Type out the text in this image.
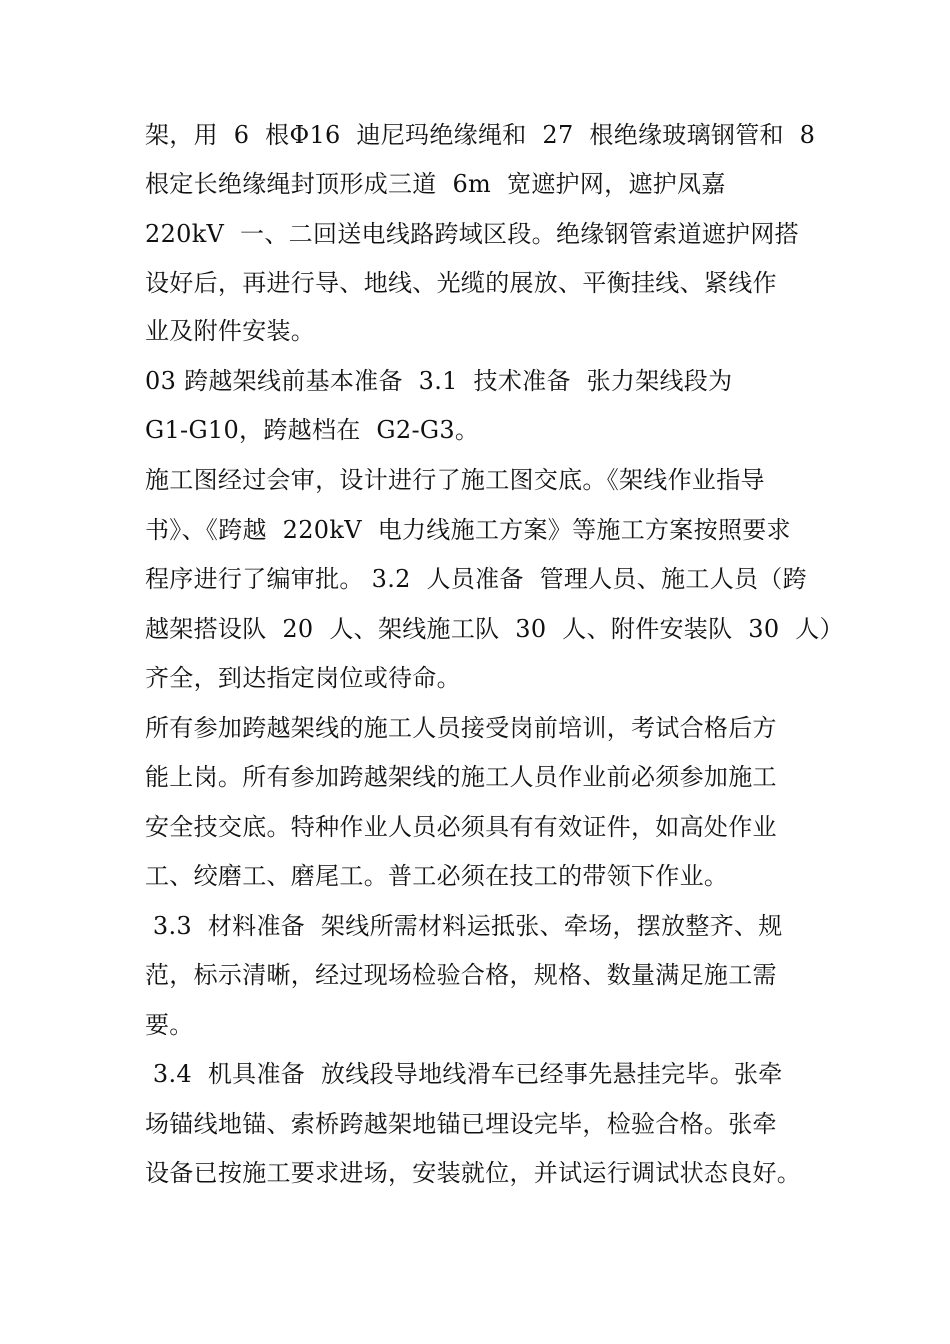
架，用  6  根Φ16  迪尼玛绝缘绳和  27  根绝缘玻璃钢管和  8
根定长绝缘绳封顶形成三道  6m  宽遮护网，遮护凤嘉
220kV  一、二回送电线路跨域区段。绝缘钢管索道遮护网搭
设好后，再进行导、地线、光缆的展放、平衡挂线、紧线作
业及附件安装。
03 跨越架线前基本准备  3.1  技术准备  张力架线段为
G1-G10，跨越档在  G2-G3。
施工图经过会审，设计进行了施工图交底。《架线作业指导
书》、《跨越  220kV  电力线施工方案》等施工方案按照要求
程序进行了编审批。 3.2  人员准备  管理人员、施工人员（跨
越架搭设队  20  人、架线施工队  30  人、附件安装队  30  人）
齐全，到达指定岗位或待命。
所有参加跨越架线的施工人员接受岗前培训，考试合格后方
能上岗。所有参加跨越架线的施工人员作业前必须参加施工
安全技交底。特种作业人员必须具有有效证件，如高处作业
工、绞磨工、磨尾工。普工必须在技工的带领下作业。
3.3  材料准备  架线所需材料运抵张、牵场，摆放整齐、规
范，标示清晰，经过现场检验合格，规格、数量满足施工需
要。
3.4  机具准备  放线段导地线滑车已经事先悬挂完毕。张牵
场锚线地锚、索桥跨越架地锚已埋设完毕，检验合格。张牵
设备已按施工要求进场，安装就位，并试运行调试状态良好。
